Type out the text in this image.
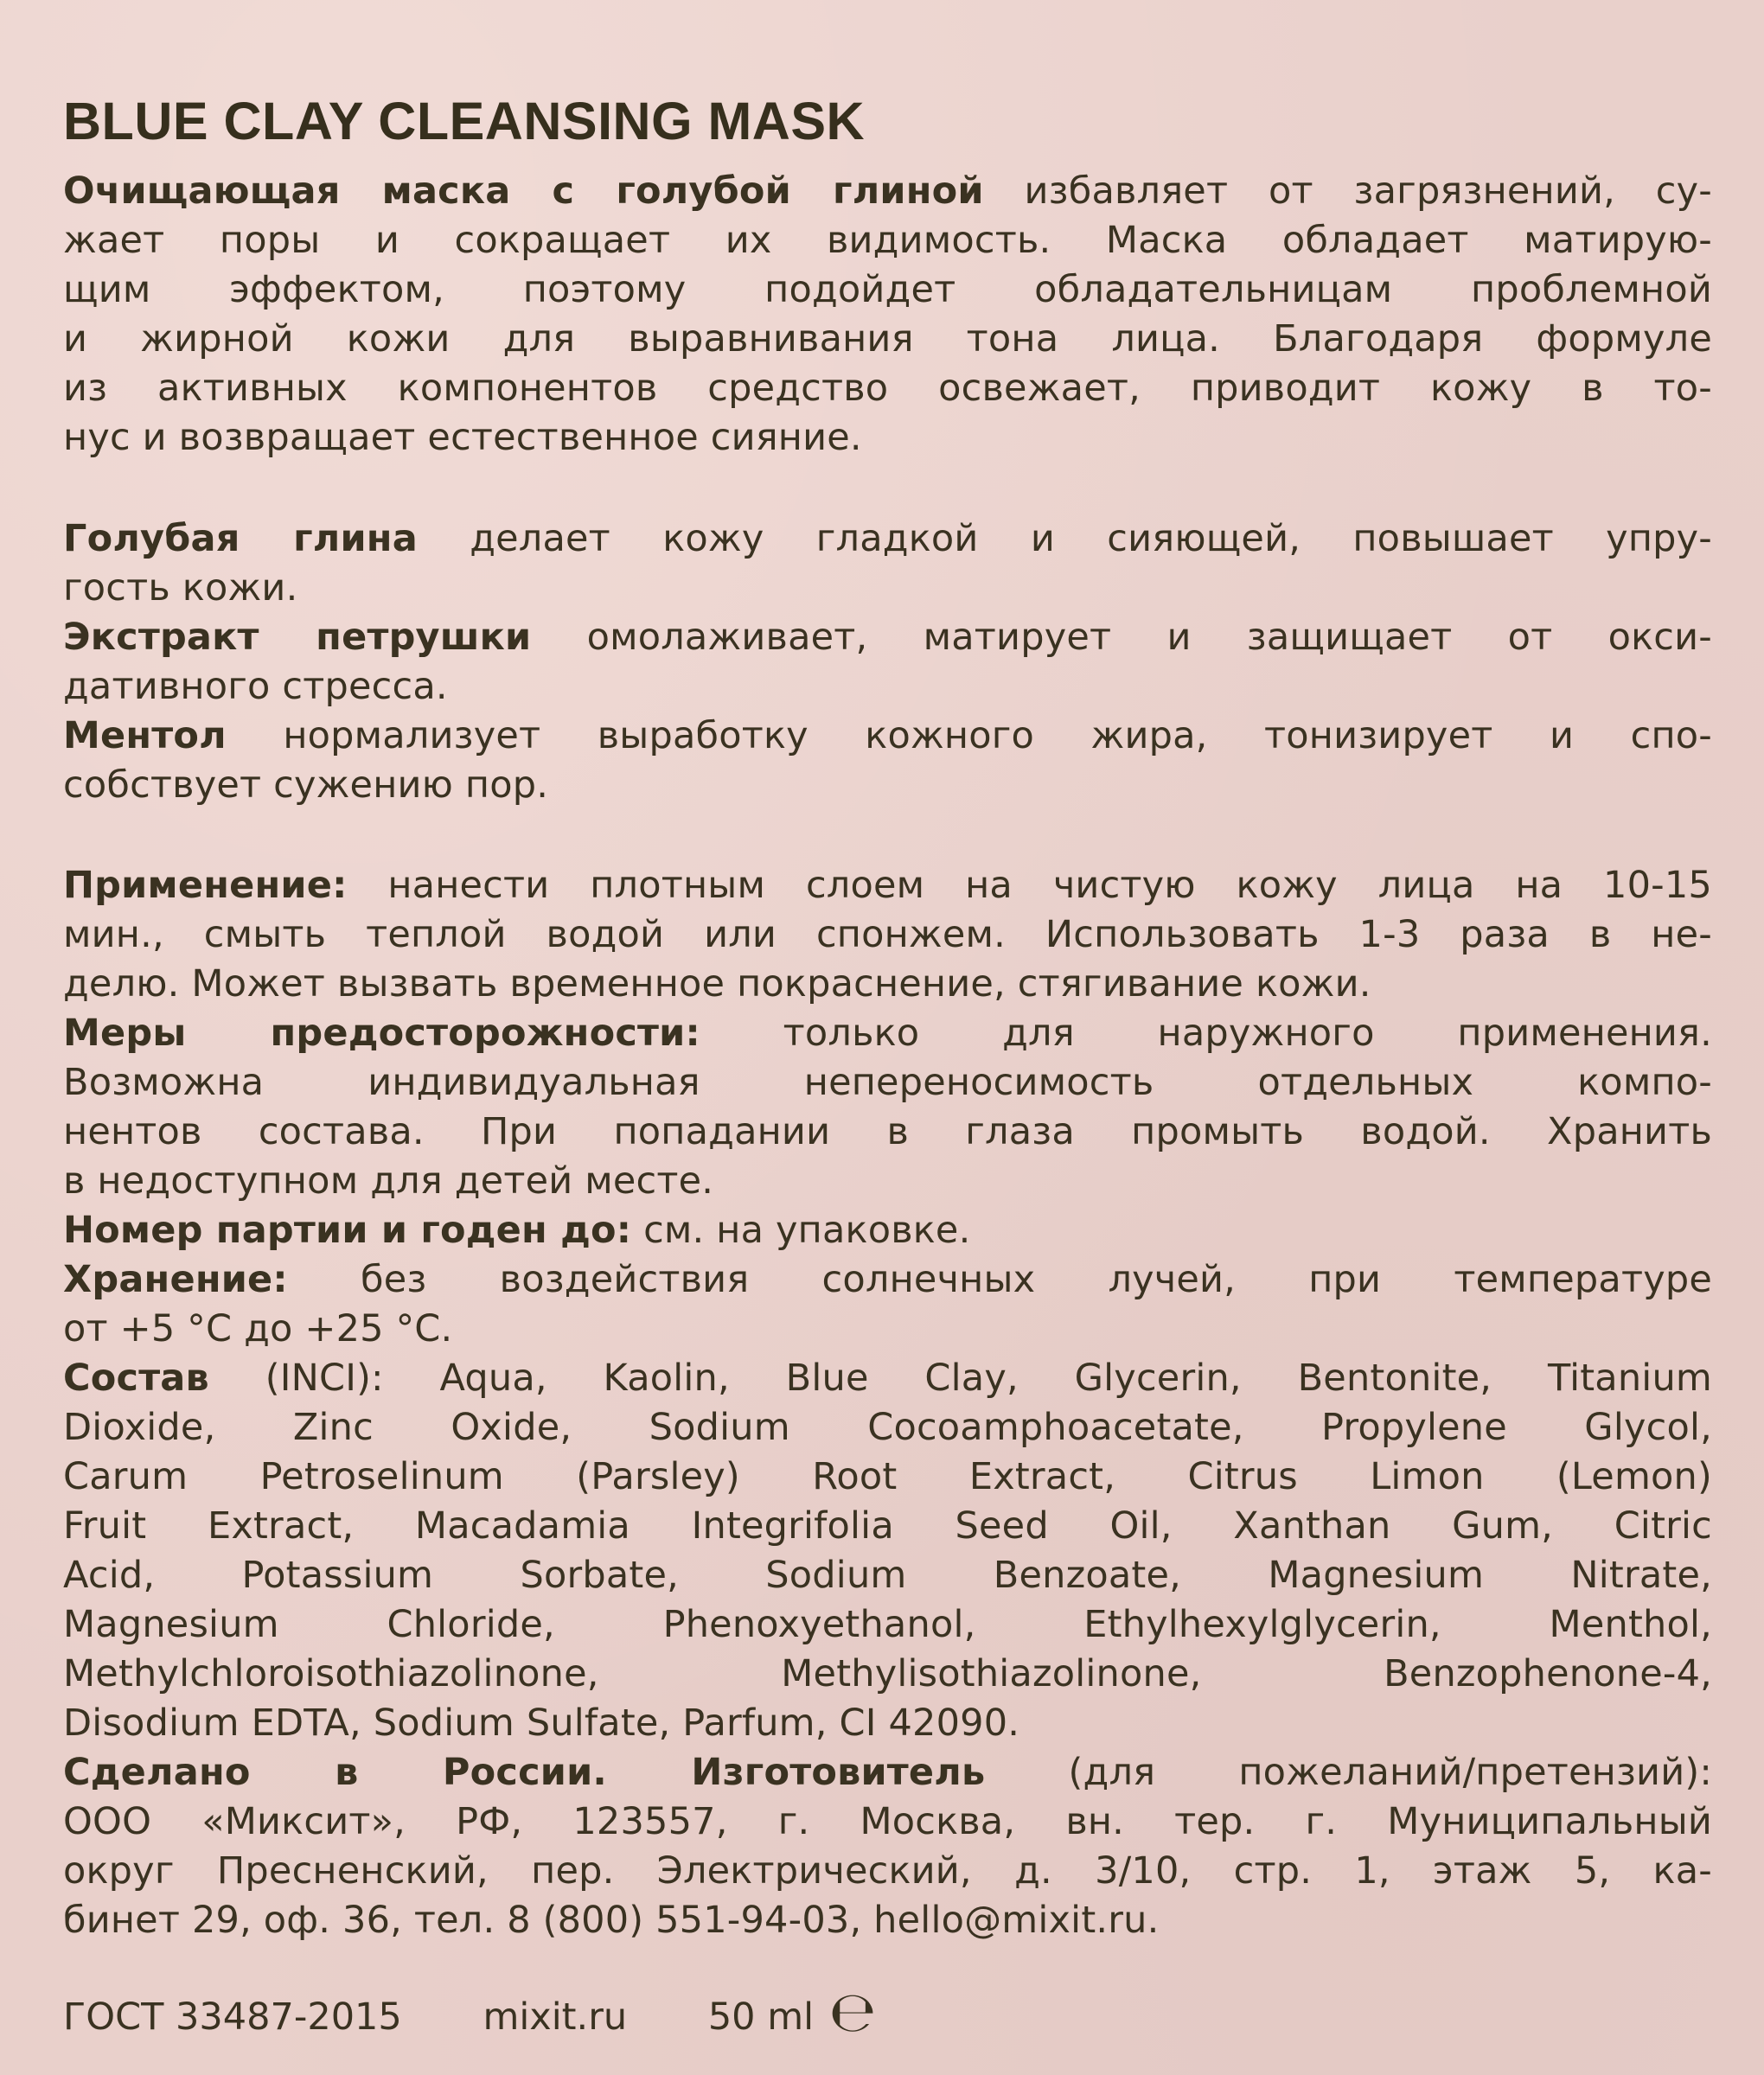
BLUE CLAY CLEANSING MASK
Очищающая маска с голубой глиной избавляет от загрязнений, су-
жает поры и сокращает их видимость. Маска обладает матирую-
щим эффектом, поэтому подойдет обладательницам проблемной
и жирной кожи для выравнивания тона лица. Благодаря формуле
из активных компонентов средство освежает, приводит кожу в то-
нус и возвращает естественное сияние.
Голубая глина делает кожу гладкой и сияющей, повышает упру-
гость кожи.
Экстракт петрушки омолаживает, матирует и защищает от окси-
дативного стресса.
Ментол нормализует выработку кожного жира, тонизирует и спо-
собствует сужению пор.
Применение: нанести плотным слоем на чистую кожу лица на 10-15
мин., смыть теплой водой или спонжем. Использовать 1-3 раза в не-
делю. Может вызвать временное покраснение, стягивание кожи.
Меры предосторожности: только для наружного применения.
Возможна индивидуальная непереносимость отдельных компо-
нентов состава. При попадании в глаза промыть водой. Хранить
в недоступном для детей месте.
Номер партии и годен до: см. на упаковке.
Хранение: без воздействия солнечных лучей, при температуре
от +5 °С до +25 °С.
Состав (INCI): Aqua, Kaolin, Blue Clay, Glycerin, Bentonite, Titanium
Dioxide, Zinc Oxide, Sodium Cocoamphoacetate, Propylene Glycol,
Carum Petroselinum (Parsley) Root Extract, Citrus Limon (Lemon)
Fruit Extract, Macadamia Integrifolia Seed Oil, Xanthan Gum, Citric
Acid, Potassium Sorbate, Sodium Benzoate, Magnesium Nitrate,
Magnesium Chloride, Phenoxyethanol, Ethylhexylglycerin, Menthol,
Methylchloroisothiazolinone, Methylisothiazolinone, Benzophenone-4,
Disodium EDTA, Sodium Sulfate, Parfum, CI 42090.
Сделано в России. Изготовитель (для пожеланий/претензий):
ООО «Миксит», РФ, 123557, г. Москва, вн. тер. г. Муниципальный
округ Пресненский, пер. Электрический, д. 3/10, стр. 1, этаж 5, ка-
бинет 29, оф. 36, тел. 8 (800) 551-94-03, hello@mixit.ru.
ГОСТ 33487-2015 mixit.ru 50 ml ℮
